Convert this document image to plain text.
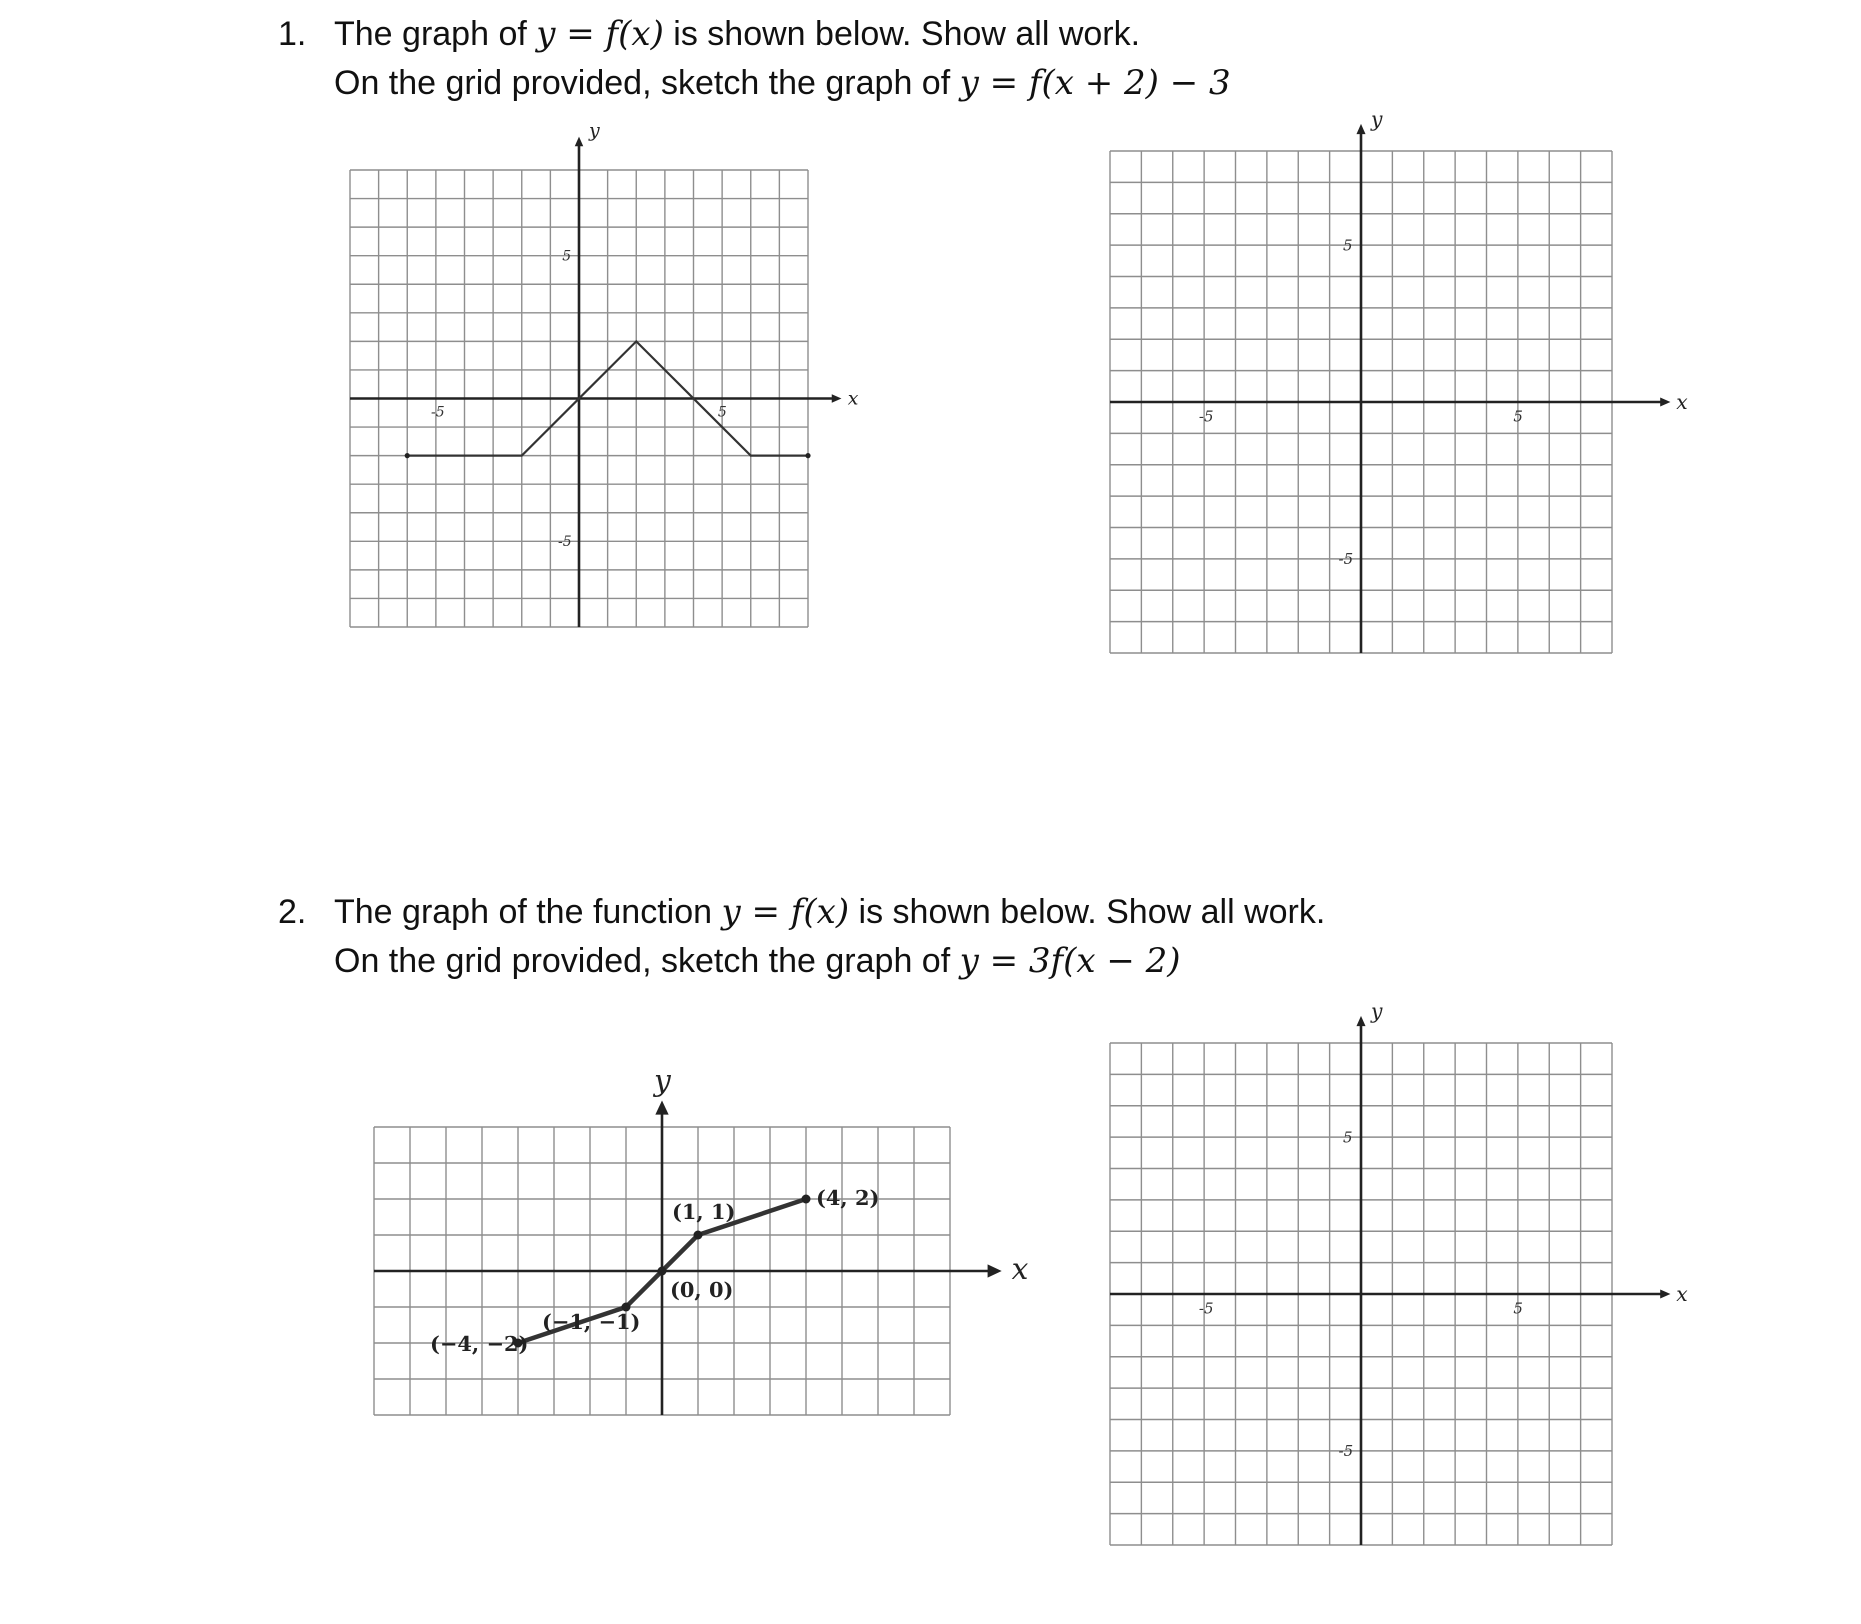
1. The graph of y = f(x) is shown below. Show all work.
On the grid provided, sketch the graph of y = f(x + 2) − 3
2. The graph of the function y = f(x) is shown below. Show all work.
On the grid provided, sketch the graph of y = 3f(x − 2)
x
y
-5	5
5
-5
x
y
-5	5
5
-5
x
y
(−4, −2)
(−1, −1)
(0, 0)
(1, 1)
(4, 2)
x
y
-5	5
5
-5
